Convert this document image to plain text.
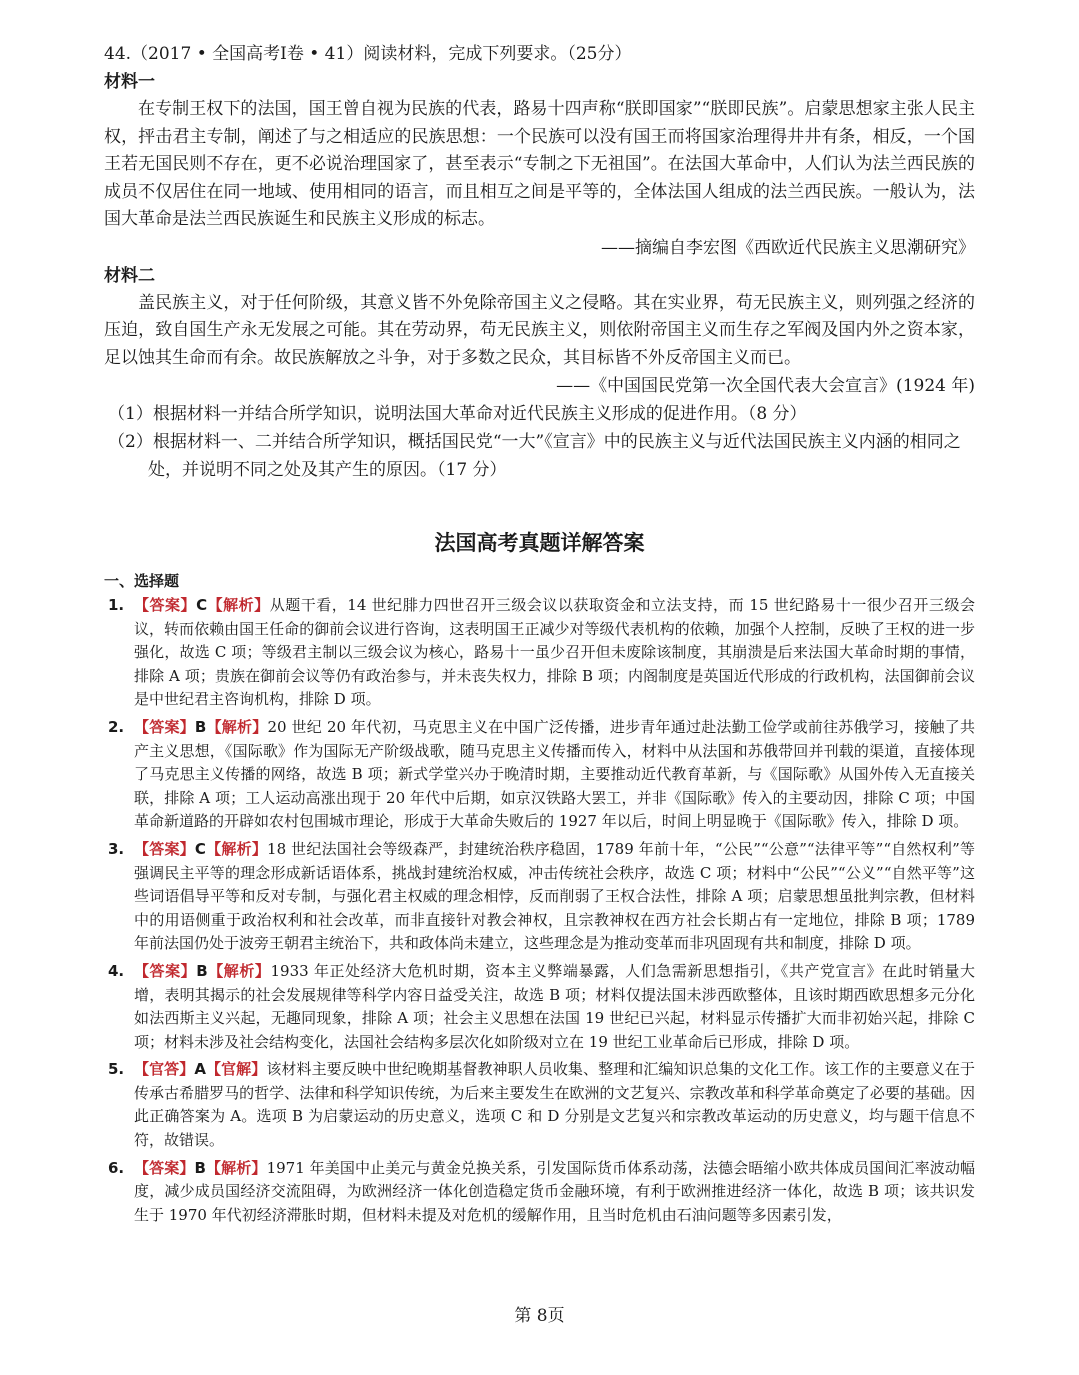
44.（2017 • 全国高考Ⅰ卷 • 41）阅读材料，完成下列要求。（25分）

材料一

在专制王权下的法国，国王曾自视为民族的代表，路易十四声称“朕即国家”“朕即民族”。启蒙思想家主张人民主权，抨击君主专制，阐述了与之相适应的民族思想：一个民族可以没有国王而将国家治理得井井有条，相反，一个国王若无国民则不存在，更不必说治理国家了，甚至表示“专制之下无祖国”。在法国大革命中，人们认为法兰西民族的成员不仅居住在同一地域、使用相同的语言，而且相互之间是平等的，全体法国人组成的法兰西民族。一般认为，法国大革命是法兰西民族诞生和民族主义形成的标志。

——摘编自李宏图《西欧近代民族主义思潮研究》

材料二

盖民族主义，对于任何阶级，其意义皆不外免除帝国主义之侵略。其在实业界，苟无民族主义，则列强之经济的压迫，致自国生产永无发展之可能。其在劳动界，苟无民族主义，则依附帝国主义而生存之军阀及国内外之资本家，足以蚀其生命而有余。故民族解放之斗争，对于多数之民众，其目标皆不外反帝国主义而已。

——《中国国民党第一次全国代表大会宣言》(1924 年)

（1）根据材料一并结合所学知识，说明法国大革命对近代民族主义形成的促进作用。（8 分）

（2）根据材料一、二并结合所学知识，概括国民党“一大”《宣言》中的民族主义与近代法国民族主义内涵的相同之处，并说明不同之处及其产生的原因。（17 分）

法国高考真题详解答案

一、选择题

1. 【答案】C【解析】从题干看，14 世纪腓力四世召开三级会议以获取资金和立法支持，而 15 世纪路易十一很少召开三级会议，转而依赖由国王任命的御前会议进行咨询，这表明国王正减少对等级代表机构的依赖，加强个人控制，反映了王权的进一步强化，故选 C 项；等级君主制以三级会议为核心，路易十一虽少召开但未废除该制度，其崩溃是后来法国大革命时期的事情，排除 A 项；贵族在御前会议等仍有政治参与，并未丧失权力，排除 B 项；内阁制度是英国近代形成的行政机构，法国御前会议是中世纪君主咨询机构，排除 D 项。
2. 【答案】B【解析】20 世纪 20 年代初，马克思主义在中国广泛传播，进步青年通过赴法勤工俭学或前往苏俄学习，接触了共产主义思想，《国际歌》作为国际无产阶级战歌，随马克思主义传播而传入，材料中从法国和苏俄带回并刊载的渠道，直接体现了马克思主义传播的网络，故选 B 项；新式学堂兴办于晚清时期，主要推动近代教育革新，与《国际歌》从国外传入无直接关联，排除 A 项；工人运动高涨出现于 20 年代中后期，如京汉铁路大罢工，并非《国际歌》传入的主要动因，排除 C 项；中国革命新道路的开辟如农村包围城市理论，形成于大革命失败后的 1927 年以后，时间上明显晚于《国际歌》传入，排除 D 项。
3. 【答案】C【解析】18 世纪法国社会等级森严，封建统治秩序稳固，1789 年前十年，“公民”“公意”“法律平等”“自然权利”等强调民主平等的理念形成新话语体系，挑战封建统治权威，冲击传统社会秩序，故选 C 项；材料中“公民”“公义”“自然平等”这些词语倡导平等和反对专制，与强化君主权威的理念相悖，反而削弱了王权合法性，排除 A 项；启蒙思想虽批判宗教，但材料中的用语侧重于政治权利和社会改革，而非直接针对教会神权，且宗教神权在西方社会长期占有一定地位，排除 B 项；1789 年前法国仍处于波旁王朝君主统治下，共和政体尚未建立，这些理念是为推动变革而非巩固现有共和制度，排除 D 项。
4. 【答案】B【解析】1933 年正处经济大危机时期，资本主义弊端暴露，人们急需新思想指引，《共产党宣言》在此时销量大增，表明其揭示的社会发展规律等科学内容日益受关注，故选 B 项；材料仅提法国未涉西欧整体，且该时期西欧思想多元分化如法西斯主义兴起，无趣同现象，排除 A 项；社会主义思想在法国 19 世纪已兴起，材料显示传播扩大而非初始兴起，排除 C 项；材料未涉及社会结构变化，法国社会结构多层次化如阶级对立在 19 世纪工业革命后已形成，排除 D 项。
5. 【官答】A【官解】该材料主要反映中世纪晚期基督教神职人员收集、整理和汇编知识总集的文化工作。该工作的主要意义在于传承古希腊罗马的哲学、法律和科学知识传统，为后来主要发生在欧洲的文艺复兴、宗教改革和科学革命奠定了必要的基础。因此正确答案为 A。选项 B 为启蒙运动的历史意义，选项 C 和 D 分别是文艺复兴和宗教改革运动的历史意义，均与题干信息不符，故错误。
6. 【答案】B【解析】1971 年美国中止美元与黄金兑换关系，引发国际货币体系动荡，法德会晤缩小欧共体成员国间汇率波动幅度，减少成员国经济交流阻碍，为欧洲经济一体化创造稳定货币金融环境，有利于欧洲推进经济一体化，故选 B 项；该共识发生于 1970 年代初经济滞胀时期，但材料未提及对危机的缓解作用，且当时危机由石油问题等多因素引发，
第 8页
